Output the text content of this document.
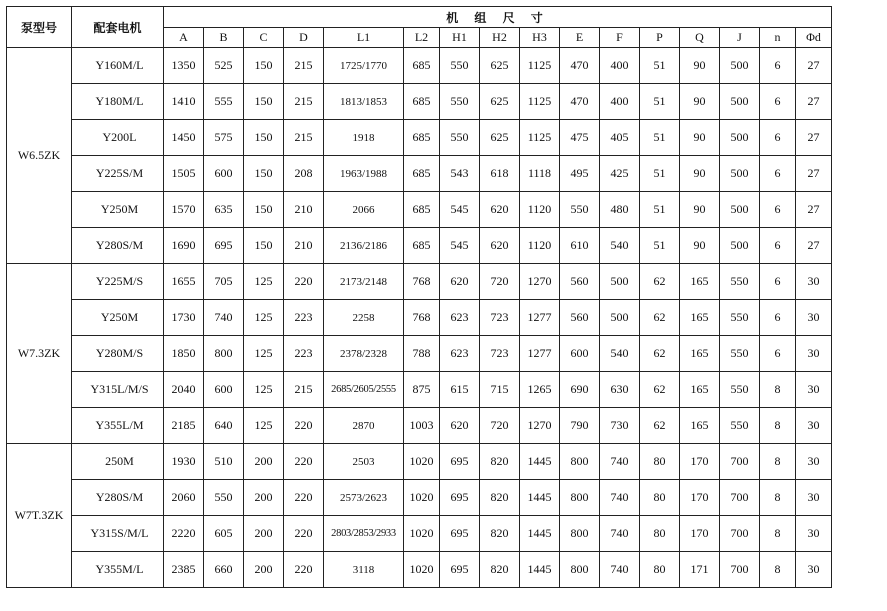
泵型号	配套电机	机 组 尺 寸															
		A	B	C	D	L1	L2	H1	H2	H3	E	F	P	Q	J	n	Φd
W6.5ZK	Y160M/L	1350	525	150	215	1725/1770	685	550	625	1125	470	400	51	90	500	6	27
	Y180M/L	1410	555	150	215	1813/1853	685	550	625	1125	470	400	51	90	500	6	27
	Y200L	1450	575	150	215	1918	685	550	625	1125	475	405	51	90	500	6	27
	Y225S/M	1505	600	150	208	1963/1988	685	543	618	1118	495	425	51	90	500	6	27
	Y250M	1570	635	150	210	2066	685	545	620	1120	550	480	51	90	500	6	27
	Y280S/M	1690	695	150	210	2136/2186	685	545	620	1120	610	540	51	90	500	6	27
W7.3ZK	Y225M/S	1655	705	125	220	2173/2148	768	620	720	1270	560	500	62	165	550	6	30
	Y250M	1730	740	125	223	2258	768	623	723	1277	560	500	62	165	550	6	30
	Y280M/S	1850	800	125	223	2378/2328	788	623	723	1277	600	540	62	165	550	6	30
	Y315L/M/S	2040	600	125	215	2685/2605/2555	875	615	715	1265	690	630	62	165	550	8	30
	Y355L/M	2185	640	125	220	2870	1003	620	720	1270	790	730	62	165	550	8	30
W7T.3ZK	250M	1930	510	200	220	2503	1020	695	820	1445	800	740	80	170	700	8	30
	Y280S/M	2060	550	200	220	2573/2623	1020	695	820	1445	800	740	80	170	700	8	30
	Y315S/M/L	2220	605	200	220	2803/2853/2933	1020	695	820	1445	800	740	80	170	700	8	30
	Y355M/L	2385	660	200	220	3118	1020	695	820	1445	800	740	80	171	700	8	30
